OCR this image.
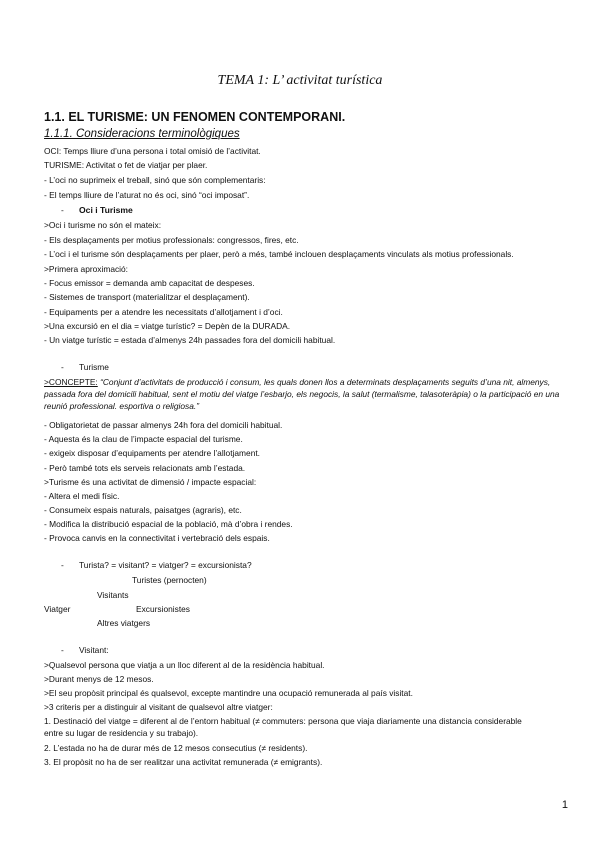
TEMA 1: L’ activitat turística
1.1. EL TURISME: UN FENOMEN CONTEMPORANI.
1.1.1. Consideracions terminològiques
OCI: Temps lliure d’una persona i total omisió de l’activitat.
TURISME: Activitat o fet de viatjar per plaer.
- L’oci no suprimeix el treball, sinó que són complementaris:
- El temps lliure de l’aturat no és oci, sinó “oci imposat”.
- Oci i Turisme
>Oci i turisme no són el mateix:
- Els desplaçaments per motius professionals: congressos, fires, etc.
- L’oci i el turisme són desplaçaments per plaer, però a més, també inclouen desplaçaments vinculats als motius professionals.
>Primera aproximació:
- Focus emissor = demanda amb capacitat de despeses.
- Sistemes de transport (materialitzar el desplaçament).
- Equipaments per a atendre les necessitats d’allotjament i d’oci.
>Una excursió en el dia = viatge turístic? = Depèn de la DURADA.
- Un viatge turístic = estada d’almenys 24h passades fora del domicili habitual.
- Turisme
>CONCEPTE: “Conjunt d’activitats de producció i consum, les quals donen llos a determinats desplaçaments seguits d’una nit, almenys, passada fora del domicili habitual, sent el motiu del viatge l’esbarjo, els negocis, la salut (termalisme, talasoteràpia) o la participació en una reunió professional. esportiva o religiosa.”
- Obligatorietat de passar almenys 24h fora del domicili habitual.
- Aquesta és la clau de l’impacte espacial del turisme.
- exigeix disposar d’equipaments per atendre l’allotjament.
- Però també tots els serveis relacionats amb l’estada.
>Turisme és una activitat de dimensió / impacte espacial:
- Altera el medi físic.
- Consumeix espais naturals, paisatges (agraris), etc.
- Modifica la distribució espacial de la població, mà d’obra i rendes.
- Provoca canvis en la connectivitat i vertebració dels espais.
- Turista? = visitant? = viatger? = excursionista?
Turistes (pernocten)
Visitants
Viatger	Excursionistes
Altres viatgers
- Visitant:
>Qualsevol persona que viatja a un lloc diferent al de la residència habitual.
>Durant menys de 12 mesos.
>El seu propòsit principal és qualsevol, excepte mantindre una ocupació remunerada al país visitat.
>3 criteris per a distinguir al visitant de qualsevol altre viatger:
1. Destinació del viatge = diferent al de l’entorn habitual (≠ commuters: persona que viaja diariamente una distancia considerable
entre su lugar de residencia y su trabajo).
2. L’estada no ha de durar més de 12 mesos consecutius (≠ residents).
3. El propòsit no ha de ser realitzar una activitat remunerada (≠ emigrants).
1
